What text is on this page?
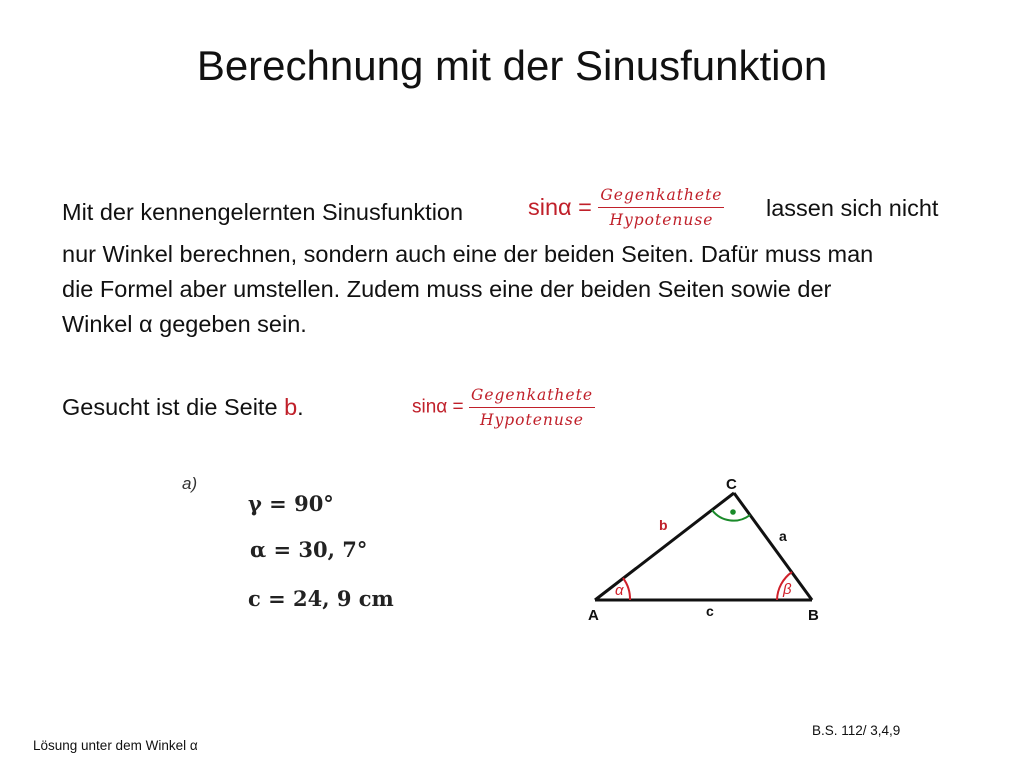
Berechnung mit der Sinusfunktion
Mit der kennengelernten Sinusfunktion	$\sin\alpha = \frac{\text{Gegenkathete}}{\text{Hypotenuse}}$ lassen sich nicht
nur Winkel berechnen, sondern auch eine der beiden Seiten. Dafür muss man
die Formel aber umstellen. Zudem muss eine der beiden Seiten sowie der
Winkel α gegeben sein.
Gesucht ist die Seite b.	$\sin\alpha = \frac{\text{Gegenkathete}}{\text{Hypotenuse}}$
a)
γ = 90°
α = 30, 7°
c = 24, 9 cm
C
A	B
b
a
c
α	β
B.S. 112/ 3,4,9
Lösung unter dem Winkel α
